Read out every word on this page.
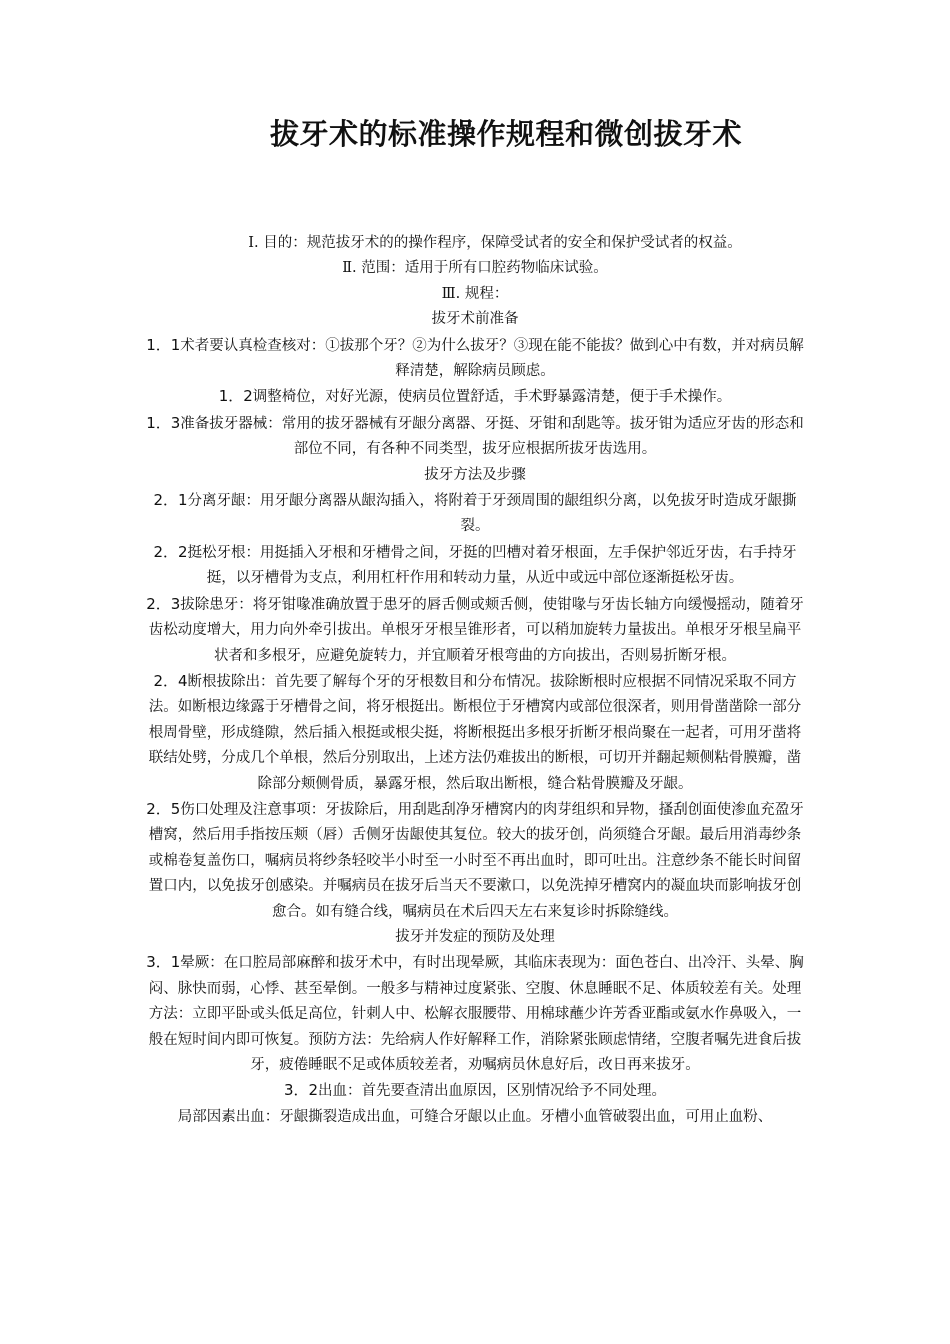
拔牙术的标准操作规程和微创拔牙术

Ⅰ. 目的：规范拔牙术的的操作程序，保障受试者的安全和保护受试者的权益。

Ⅱ. 范围：适用于所有口腔药物临床试验。

Ⅲ. 规程：

拔牙术前准备

1．1术者要认真检查核对：①拔那个牙？②为什么拔牙？③现在能不能拔？做到心中有数，并对病员解释清楚，解除病员顾虑。

1．2调整椅位，对好光源，使病员位置舒适，手术野暴露清楚，便于手术操作。

1．3准备拔牙器械：常用的拔牙器械有牙龈分离器、牙挺、牙钳和刮匙等。拔牙钳为适应牙齿的形态和部位不同，有各种不同类型，拔牙应根据所拔牙齿选用。

拔牙方法及步骤

2．1分离牙龈：用牙龈分离器从龈沟插入，将附着于牙颈周围的龈组织分离，以免拔牙时造成牙龈撕裂。

2．2挺松牙根：用挺插入牙根和牙槽骨之间，牙挺的凹槽对着牙根面，左手保护邻近牙齿，右手持牙挺，以牙槽骨为支点，利用杠杆作用和转动力量，从近中或远中部位逐渐挺松牙齿。

2．3拔除患牙：将牙钳喙准确放置于患牙的唇舌侧或颊舌侧，使钳喙与牙齿长轴方向缓慢摇动，随着牙齿松动度增大，用力向外牵引拔出。单根牙牙根呈锥形者，可以稍加旋转力量拔出。单根牙牙根呈扁平状者和多根牙，应避免旋转力，并宜顺着牙根弯曲的方向拔出，否则易折断牙根。

2．4断根拔除出：首先要了解每个牙的牙根数目和分布情况。拔除断根时应根据不同情况采取不同方法。如断根边缘露于牙槽骨之间，将牙根挺出。断根位于牙槽窝内或部位很深者，则用骨凿凿除一部分根周骨壁，形成缝隙，然后插入根挺或根尖挺，将断根挺出多根牙折断牙根尚聚在一起者，可用牙凿将联结处劈，分成几个单根，然后分别取出，上述方法仍难拔出的断根，可切开并翻起颊侧粘骨膜瓣，凿除部分颊侧骨质，暴露牙根，然后取出断根，缝合粘骨膜瓣及牙龈。

2．5伤口处理及注意事项：牙拔除后，用刮匙刮净牙槽窝内的肉芽组织和异物，搔刮创面使渗血充盈牙槽窝，然后用手指按压颊（唇）舌侧牙齿龈使其复位。较大的拔牙创，尚须缝合牙龈。最后用消毒纱条或棉卷复盖伤口，嘱病员将纱条轻咬半小时至一小时至不再出血时，即可吐出。注意纱条不能长时间留置口内，以免拔牙创感染。并嘱病员在拔牙后当天不要漱口，以免洗掉牙槽窝内的凝血块而影响拔牙创愈合。如有缝合线，嘱病员在术后四天左右来复诊时拆除缝线。

拔牙并发症的预防及处理

3．1晕厥：在口腔局部麻醉和拔牙术中，有时出现晕厥，其临床表现为：面色苍白、出冷汗、头晕、胸闷、脉快而弱，心悸、甚至晕倒。一般多与精神过度紧张、空腹、休息睡眠不足、体质较差有关。处理方法：立即平卧或头低足高位，针刺人中、松解衣服腰带、用棉球蘸少许芳香亚酯或氨水作鼻吸入，一般在短时间内即可恢复。预防方法：先给病人作好解释工作，消除紧张顾虑情绪，空腹者嘱先进食后拔牙，疲倦睡眠不足或体质较差者，劝嘱病员休息好后，改日再来拔牙。

3．2出血：首先要查清出血原因，区别情况给予不同处理。

局部因素出血：牙龈撕裂造成出血，可缝合牙龈以止血。牙槽小血管破裂出血，可用止血粉、
